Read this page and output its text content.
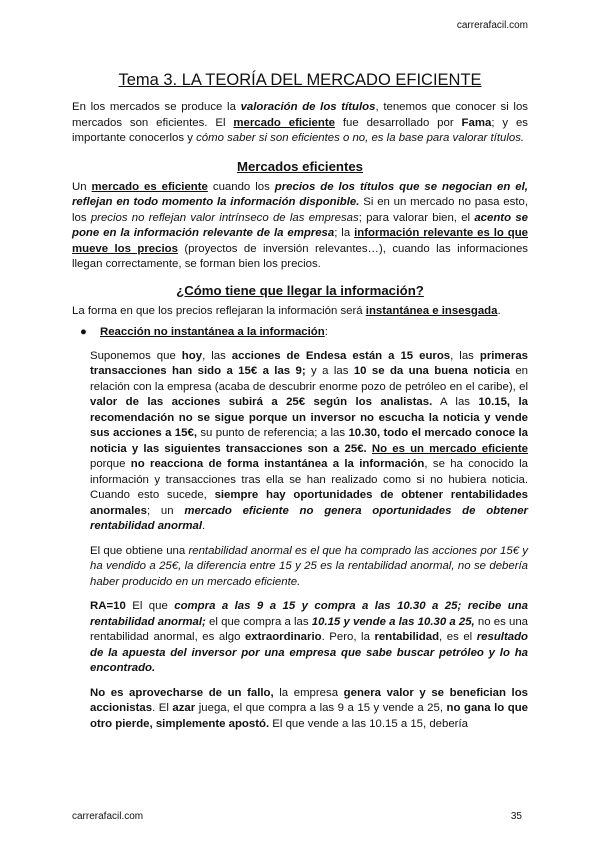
carrerafacil.com
Tema 3. LA TEORÍA DEL MERCADO EFICIENTE

En los mercados se produce la valoración de los títulos, tenemos que conocer si los mercados son eficientes. El mercado eficiente fue desarrollado por Fama; y es importante conocerlos y cómo saber si son eficientes o no, es la base para valorar títulos.

Mercados eficientes

Un mercado es eficiente cuando los precios de los títulos que se negocian en el, reflejan en todo momento la información disponible. Si en un mercado no pasa esto, los precios no reflejan valor intrínseco de las empresas; para valorar bien, el acento se pone en la información relevante de la empresa; la información relevante es lo que mueve los precios (proyectos de inversión relevantes…), cuando las informaciones llegan correctamente, se forman bien los precios.

¿Cómo tiene que llegar la información?

La forma en que los precios reflejaran la información será instantánea e insesgada.

● Reacción no instantánea a la información:

Suponemos que hoy, las acciones de Endesa están a 15 euros, las primeras transacciones han sido a 15€ a las 9; y a las 10 se da una buena noticia en relación con la empresa (acaba de descubrir enorme pozo de petróleo en el caribe), el valor de las acciones subirá a 25€ según los analistas. A las 10.15, la recomendación no se sigue porque un inversor no escucha la noticia y vende sus acciones a 15€, su punto de referencia; a las 10.30, todo el mercado conoce la noticia y las siguientes transacciones son a 25€. No es un mercado eficiente porque no reacciona de forma instantánea a la información, se ha conocido la información y transacciones tras ella se han realizado como si no hubiera noticia. Cuando esto sucede, siempre hay oportunidades de obtener rentabilidades anormales; un mercado eficiente no genera oportunidades de obtener rentabilidad anormal.

El que obtiene una rentabilidad anormal es el que ha comprado las acciones por 15€ y ha vendido a 25€, la diferencia entre 15 y 25 es la rentabilidad anormal, no se debería haber producido en un mercado eficiente.

RA=10 El que compra a las 9 a 15 y compra a las 10.30 a 25; recibe una rentabilidad anormal; el que compra a las 10.15 y vende a las 10.30 a 25, no es una rentabilidad anormal, es algo extraordinario. Pero, la rentabilidad, es el resultado de la apuesta del inversor por una empresa que sabe buscar petróleo y lo ha encontrado.

No es aprovecharse de un fallo, la empresa genera valor y se benefician los accionistas. El azar juega, el que compra a las 9 a 15 y vende a 25, no gana lo que otro pierde, simplemente apostó. El que vende a las 10.15 a 15, debería

carrerafacil.com	35
